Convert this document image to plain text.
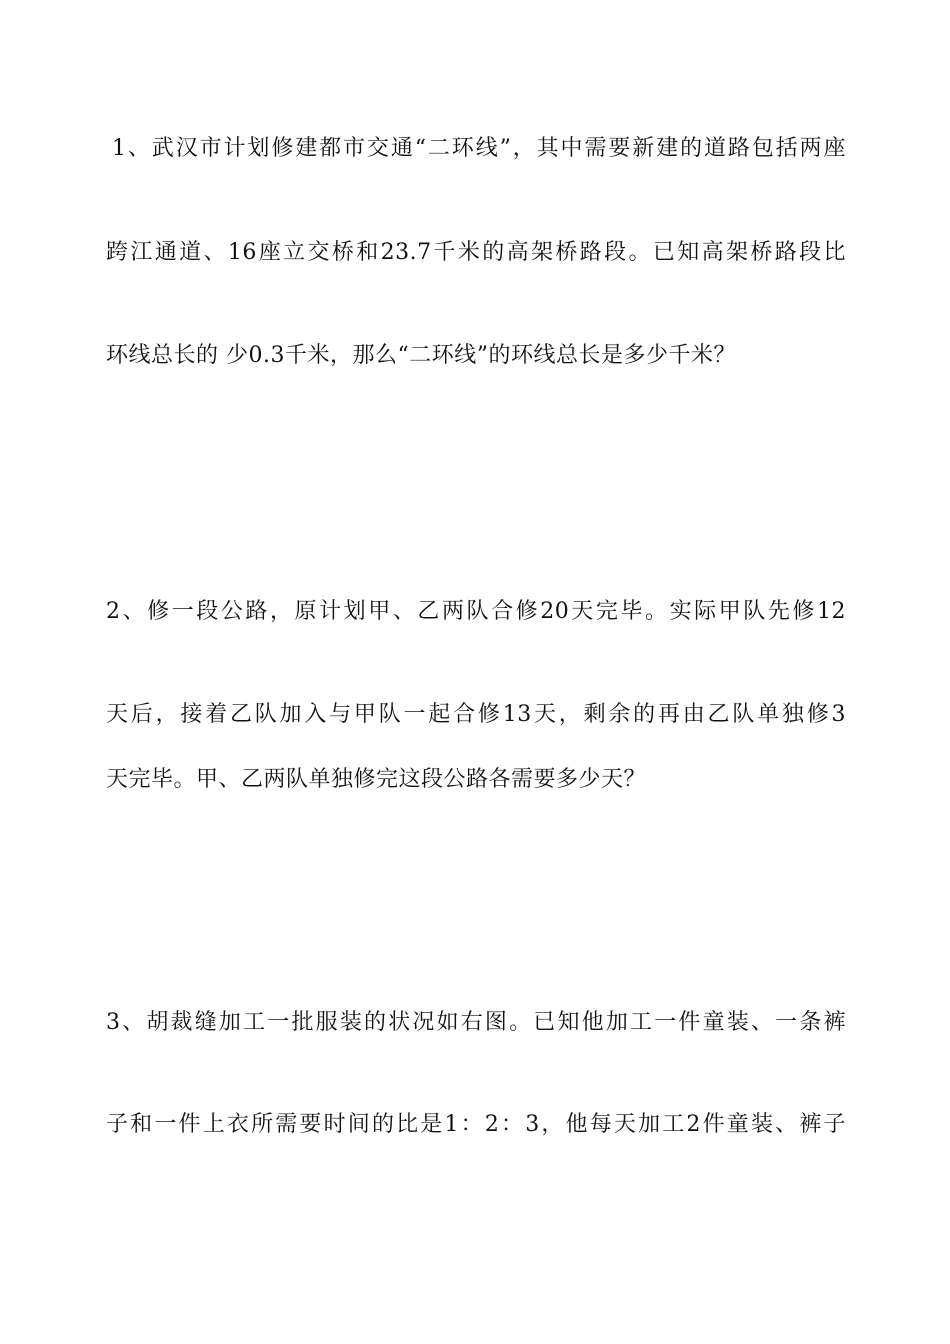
1、武汉市计划修建都市交通“二环线”，其中需要新建的道路包括两座
跨江通道、16座立交桥和23.7千米的高架桥路段。已知高架桥路段比
环线总长的 少0.3千米，那么“二环线”的环线总长是多少千米？
2、修一段公路，原计划甲、乙两队合修20天完毕。实际甲队先修12
天后，接着乙队加入与甲队一起合修13天，剩余的再由乙队单独修3
天完毕。甲、乙两队单独修完这段公路各需要多少天？
3、胡裁缝加工一批服装的状况如右图。已知他加工一件童装、一条裤
子和一件上衣所需要时间的比是1：2：3，他每天加工2件童装、裤子
